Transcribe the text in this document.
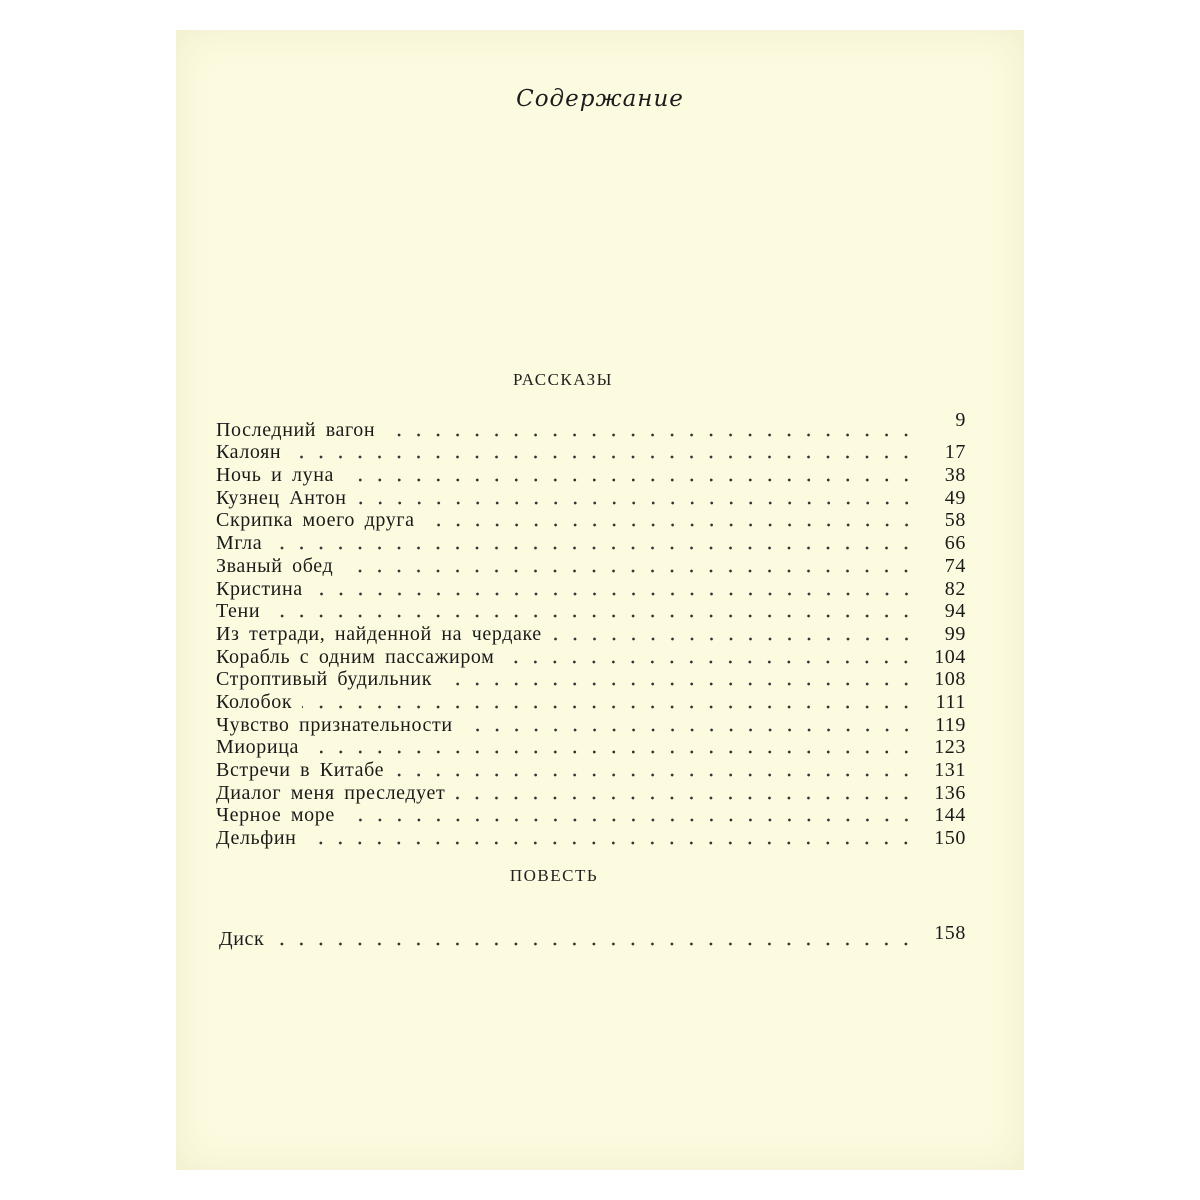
Содержание
РАССКАЗЫ
Последний вагон	9
Калоян	17
Ночь и луна	38
Кузнец Антон	49
Скрипка моего друга	58
Мгла	66
Званый обед	74
Кристина	82
Тени	94
Из тетради, найденной на чердаке	99
Корабль с одним пассажиром	104
Строптивый будильник	108
Колобок	111
Чувство признательности	119
Миорица	123
Встречи в Китабе	131
Диалог меня преследует	136
Черное море	144
Дельфин	150
ПОВЕСТЬ
Диск	158
